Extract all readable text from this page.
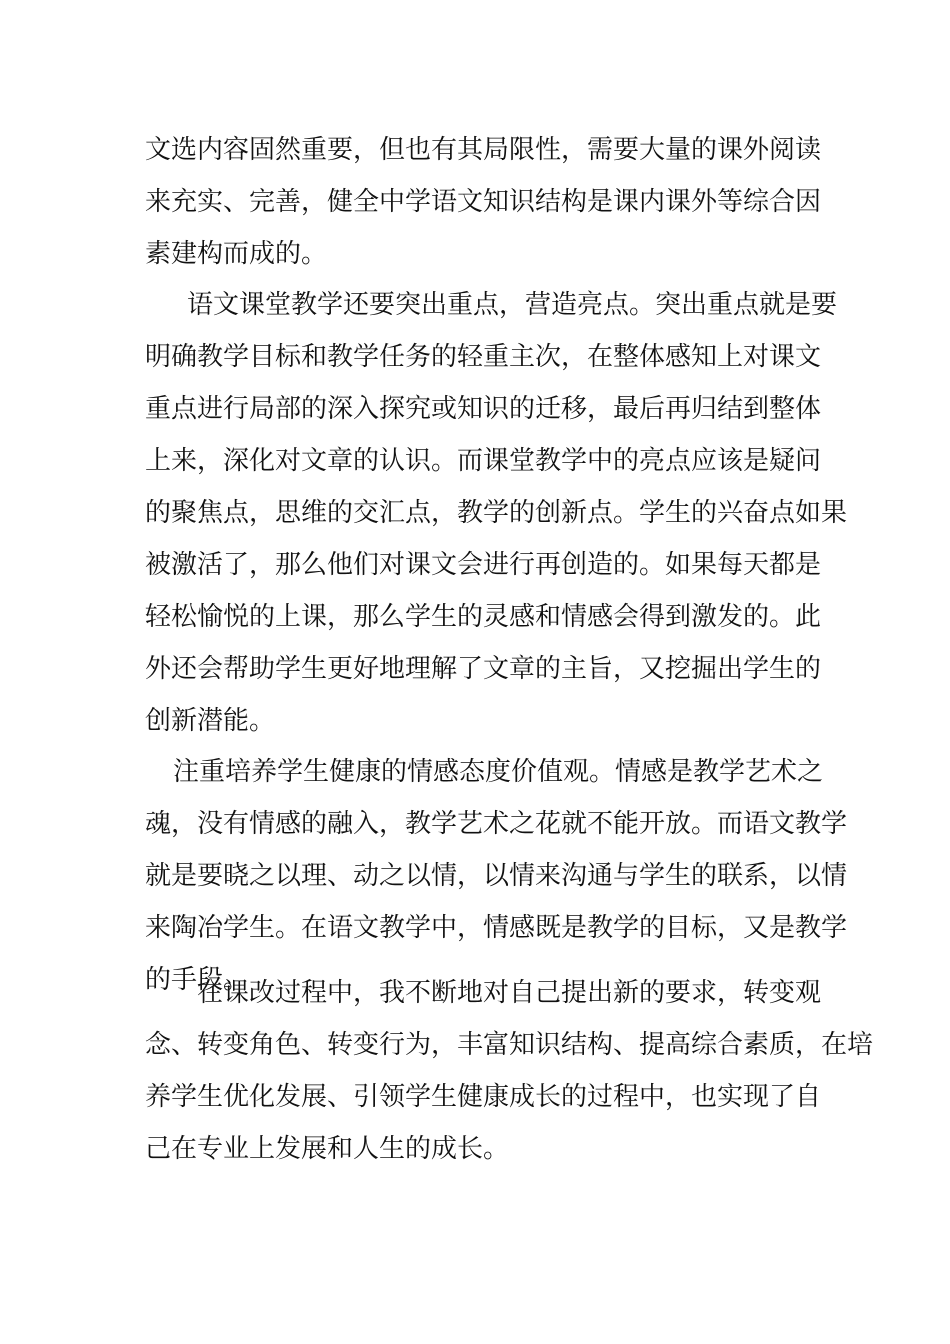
文选内容固然重要，但也有其局限性，需要大量的课外阅读
来充实、完善，健全中学语文知识结构是课内课外等综合因
素建构而成的。
语文课堂教学还要突出重点，营造亮点。突出重点就是要
明确教学目标和教学任务的轻重主次，在整体感知上对课文
重点进行局部的深入探究或知识的迁移，最后再归结到整体
上来，深化对文章的认识。而课堂教学中的亮点应该是疑问
的聚焦点，思维的交汇点，教学的创新点。学生的兴奋点如果
被激活了，那么他们对课文会进行再创造的。如果每天都是
轻松愉悦的上课，那么学生的灵感和情感会得到激发的。此
外还会帮助学生更好地理解了文章的主旨，又挖掘出学生的
创新潜能。
注重培养学生健康的情感态度价值观。情感是教学艺术之
魂，没有情感的融入，教学艺术之花就不能开放。而语文教学
就是要晓之以理、动之以情，以情来沟通与学生的联系，以情
来陶冶学生。在语文教学中，情感既是教学的目标，又是教学
的手段。
在课改过程中，我不断地对自己提出新的要求，转变观
念、转变角色、转变行为，丰富知识结构、提高综合素质，在培
养学生优化发展、引领学生健康成长的过程中，也实现了自
己在专业上发展和人生的成长。
